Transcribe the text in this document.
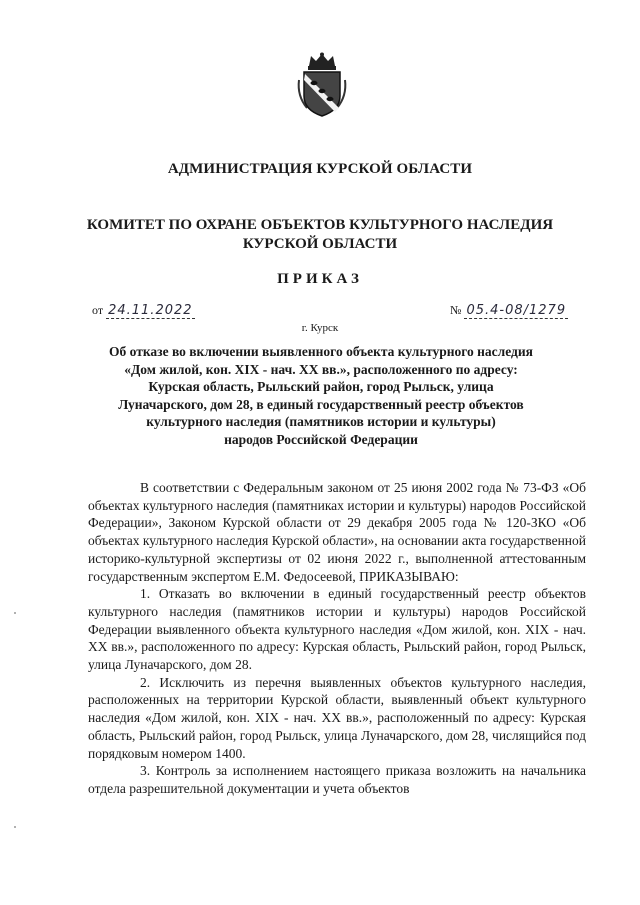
АДМИНИСТРАЦИЯ КУРСКОЙ ОБЛАСТИ
КОМИТЕТ ПО ОХРАНЕ ОБЪЕКТОВ КУЛЬТУРНОГО НАСЛЕДИЯ
КУРСКОЙ ОБЛАСТИ
ПРИКАЗ
от 24.11.2022	№ 05.4-08/1279
г. Курск
Об отказе во включении выявленного объекта культурного наследия
«Дом жилой, кон. XIX - нач. XX вв.», расположенного по адресу:
Курская область, Рыльский район, город Рыльск, улица
Луначарского, дом 28, в единый государственный реестр объектов
культурного наследия (памятников истории и культуры)
народов Российской Федерации

В соответствии с Федеральным законом от 25 июня 2002 года № 73-ФЗ «Об объектах культурного наследия (памятниках истории и культуры) народов Российской Федерации», Законом Курской области от 29 декабря 2005 года № 120-ЗКО «Об объектах культурного наследия Курской области», на основании акта государственной историко-культурной экспертизы от 02 июня 2022 г., выполненной аттестованным государственным экспертом Е.М. Федосеевой, ПРИКАЗЫВАЮ:

1. Отказать во включении в единый государственный реестр объектов культурного наследия (памятников истории и культуры) народов Российской Федерации выявленного объекта культурного наследия «Дом жилой, кон. XIX - нач. XX вв.», расположенного по адресу: Курская область, Рыльский район, город Рыльск, улица Луначарского, дом 28.

2. Исключить из перечня выявленных объектов культурного наследия, расположенных на территории Курской области, выявленный объект культурного наследия «Дом жилой, кон. XIX - нач. XX вв.», расположенный по адресу: Курская область, Рыльский район, город Рыльск, улица Луначарского, дом 28, числящийся под порядковым номером 1400.

3. Контроль за исполнением настоящего приказа возложить на начальника отдела разрешительной документации и учета объектов
